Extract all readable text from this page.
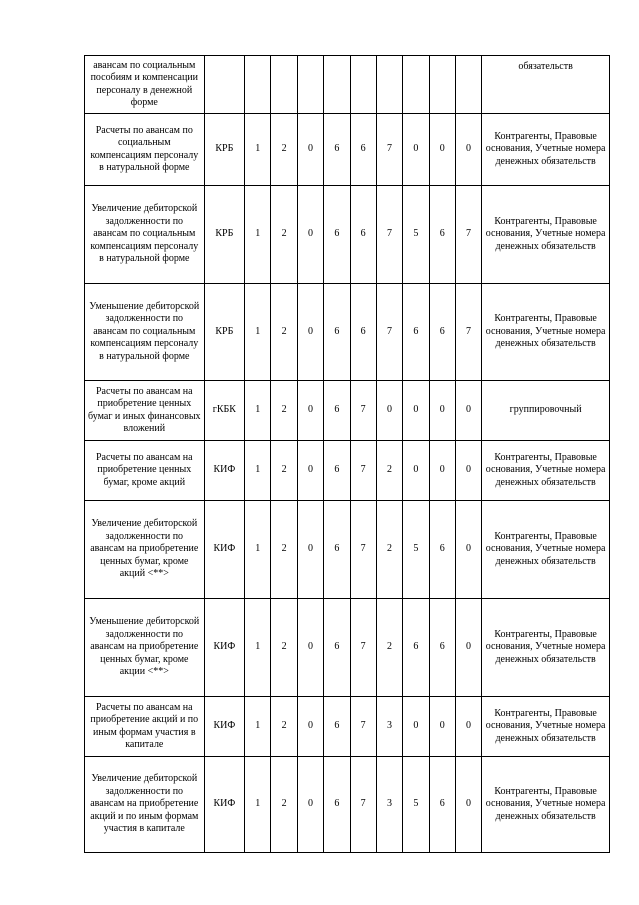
авансам по социальным пособиям и компенсации персоналу в денежной форме											обязательств
Расчеты по авансам по социальным компенсациям персоналу в натуральной форме	КРБ	1	2	0	6	6	7	0	0	0	Контрагенты, Правовые основания, Учетные номера денежных обязательств
Увеличение дебиторской задолженности по авансам по социальным компенсациям персоналу в натуральной форме	КРБ	1	2	0	6	6	7	5	6	7	Контрагенты, Правовые основания, Учетные номера денежных обязательств
Уменьшение дебиторской задолженности по авансам по социальным компенсациям персоналу в натуральной форме	КРБ	1	2	0	6	6	7	6	6	7	Контрагенты, Правовые основания, Учетные номера денежных обязательств
Расчеты по авансам на приобретение ценных бумаг и иных финансовых вложений	гКБК	1	2	0	6	7	0	0	0	0	группировочный
Расчеты по авансам на приобретение ценных бумаг, кроме акций	КИФ	1	2	0	6	7	2	0	0	0	Контрагенты, Правовые основания, Учетные номера денежных обязательств
Увеличение дебиторской задолженности по авансам на приобретение ценных бумаг, кроме акций <**>	КИФ	1	2	0	6	7	2	5	6	0	Контрагенты, Правовые основания, Учетные номера денежных обязательств
Уменьшение дебиторской задолженности по авансам на приобретение ценных бумаг, кроме акции <**>	КИФ	1	2	0	6	7	2	6	6	0	Контрагенты, Правовые основания, Учетные номера денежных обязательств
Расчеты по авансам на приобретение акций и по иным формам участия в капитале	КИФ	1	2	0	6	7	3	0	0	0	Контрагенты, Правовые основания, Учетные номера денежных обязательств
Увеличение дебиторской задолженности по авансам на приобретение акций и по иным формам участия в капитале	КИФ	1	2	0	6	7	3	5	6	0	Контрагенты, Правовые основания, Учетные номера денежных обязательств
